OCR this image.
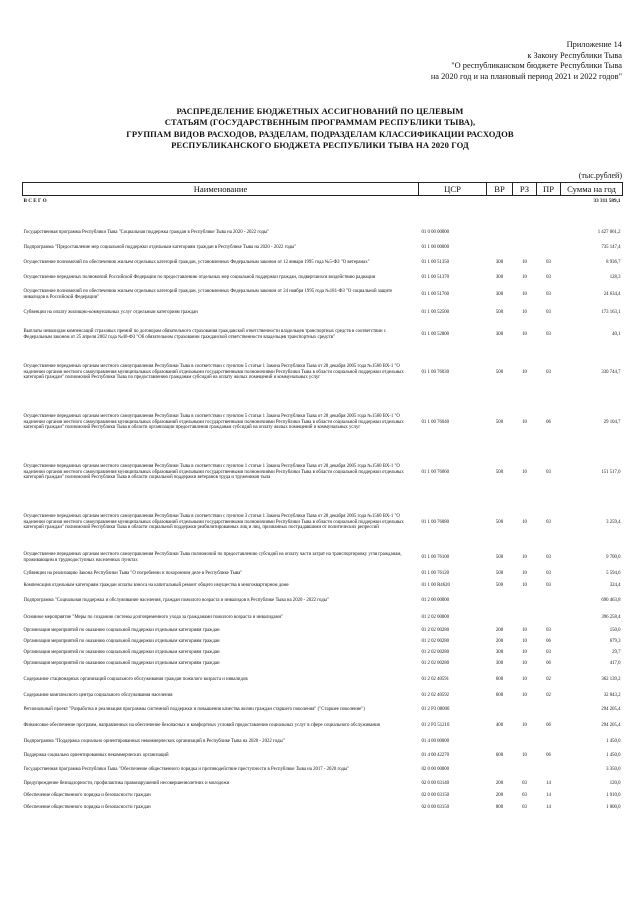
Приложение 14
к Закону Республики Тыва
"О республиканском бюджете Республики Тыва
на 2020 год и на плановый период 2021 и 2022 годов"
РАСПРЕДЕЛЕНИЕ БЮДЖЕТНЫХ АССИГНОВАНИЙ ПО ЦЕЛЕВЫМ
СТАТЬЯМ (ГОСУДАРСТВЕННЫМ ПРОГРАММАМ РЕСПУБЛИКИ ТЫВА),
ГРУППАМ ВИДОВ РАСХОДОВ, РАЗДЕЛАМ, ПОДРАЗДЕЛАМ КЛАССИФИКАЦИИ РАСХОДОВ
РЕСПУБЛИКАНСКОГО БЮДЖЕТА РЕСПУБЛИКИ ТЫВА НА 2020 ГОД
(тыс.рублей)
Наименование	ЦСР	ВР	РЗ	ПР	Сумма на год
В С Е Г О					33 311 589,1

Государственная программа Республики Тыва "Социальная поддержка граждан в Республике Тыва на 2020 - 2022 годы"	01 0 00 00000				1 427 061,2
Подпрограмма "Предоставление мер социальной поддержки отдельным категориям граждан в Республике Тыва на 2020 - 2022 годы"	01 1 00 00000				735 147,4
Осуществление полномочий по обеспечению жильем отдельных категорий граждан, установленных Федеральным законом от 12 января 1995 года №5-ФЗ "О ветеранах"	01 1 00 51350	300	10	03	8 936,7
Осуществление переданных полномочий Российской Федерации по предоставлению отдельных мер социальной поддержки граждан, подвергшихся воздействию радиации	01 1 00 51370	300	10	03	128,3
Осуществление полномочий по обеспечению жильем отдельных категорий граждан, установленных Федеральным законом от 24 ноября 1995 года №181-ФЗ "О социальной защите инвалидов в Российской Федерации"	01 1 00 51760	300	10	03	24 634,4
Субвенции на оплату жилищно-коммунальных услуг отдельным категориям граждан	01 1 00 52500	500	10	03	173 163,1
Выплаты инвалидам компенсаций страховых премий по договорам обязательного страхования гражданской ответственности владельцев транспортных средств в соответствии с Федеральным законом от 25 апреля 2002 года №40-ФЗ "Об обязательном страховании гражданской ответственности владельцев транспортных средств"	01 1 00 52800	300	10	03	40,1
Осуществление переданных органам местного самоуправления Республики Тыва в соответствии с пунктом 5 статьи 1 Закона Республики Тыва от 28 декабря 2005 года №1560 ВХ-1 "О наделении органов местного самоуправления муниципальных образований отдельными государственными полномочиями Республики Тыва в области социальной поддержки отдельных категорий граждан" полномочий Республики Тыва по предоставлению гражданам субсидий на оплату жилых помещений и коммунальных услуг	01 1 00 76030	500	10	03	330 744,7
Осуществление переданных органам местного самоуправления Республики Тыва в соответствии с пунктом 5 статьи 1 Закона Республики Тыва от 28 декабря 2005 года №1560 ВХ-1 "О наделении органов местного самоуправления муниципальных образований отдельными государственными полномочиями Республики Тыва в области социальной поддержки отдельных категорий граждан" полномочий Республики Тыва в области организации предоставления гражданам субсидий на оплату жилых помещений и коммунальных услуг	01 1 00 76040	500	10	06	29 104,7
Осуществление переданных органам местного самоуправления Республики Тыва в соответствии с пунктом 1 статьи 1 Закона Республики Тыва от 28 декабря 2005 года №1560 ВХ-1 "О наделении органов местного самоуправления муниципальных образований отдельными государственными полномочиями Республики Тыва в области социальной поддержки отдельных категорий граждан" полномочий Республики Тыва в области социальной поддержки ветеранов труда и тружеников тыла	01 1 00 76060	500	10	03	151 517,0
Осуществление переданных органам местного самоуправления Республики Тыва в соответствии с пунктом 3 статьи 1 Закона Республики Тыва от 28 декабря 2005 года №1560 ВХ-1 "О наделении органов местного самоуправления муниципальных образований отдельными государственными полномочиями Республики Тыва в области социальной поддержки отдельных категорий граждан" полномочий Республики Тыва в области социальной поддержки реабилитированных лиц и лиц, признанных пострадавшими от политических репрессий	01 1 00 76080	500	10	03	3 259,4
Осуществление переданных органам местного самоуправления Республики Тыва полномочий по предоставлению субсидий на оплату части затрат на транспортировку угля гражданам, проживающим в труднодоступных населенных пунктах	01 1 00 76100	500	10	03	9 700,0
Субвенции на реализацию Закона Республики Тыва "О погребении и похоронном деле в Республике Тыва"	01 1 00 76120	500	10	03	5 594,6
Компенсация отдельным категориям граждан оплаты взноса на капитальный ремонт общего имущества в многоквартирном доме	01 1 00 R4620	500	10	03	324,4
Подпрограмма "Социальная поддержка и обслуживание населения, граждан пожилого возраста и инвалидов в Республике Тыва на 2020 - 2022 годы"	01 2 00 00000				690 463,8
Основное мероприятие "Меры по созданию системы долговременного ухода за гражданами пожилого возраста и инвалидами"	01 2 02 00000				396 258,4
Организация мероприятий по оказанию социальной поддержки отдельным категориям граждан	01 2 02 00280	200	10	03	150,0
Организация мероприятий по оказанию социальной поддержки отдельным категориям граждан	01 2 02 00280	200	10	06	679,3
Организация мероприятий по оказанию социальной поддержки отдельным категориям граждан	01 2 02 00280	300	10	03	29,7
Организация мероприятий по оказанию социальной поддержки отдельным категориям граждан	01 2 02 00280	300	10	06	417,0
Содержание стационарных организаций социального обслуживания граждан пожилого возраста и инвалидов	01 2 02 40591	600	10	02	362 139,2
Содержание комплексного центра социального обслуживания населения	01 2 02 40592	600	10	02	32 843,2
Региональный проект "Разработка и реализация программы системной поддержки и повышения качества жизни граждан старшего поколения" ("Старшее поколение")	01 2 P3 00000				294 205,4
Финансовое обеспечение программ, направленных на обеспечение безопасных и комфортных условий предоставления социальных услуг в сфере социального обслуживания	01 2 P3 51210	400	10	06	294 205,4
Подпрограмма "Поддержка социально ориентированных некоммерческих организаций в Республике Тыва на 2020 - 2022 годы"	01 4 00 00000				1 450,0
Поддержка социально ориентированных некоммерческих организаций	01 4 00 42270	600	10	06	1 450,0
Государственная программа Республики Тыва "Обеспечение общественного порядка и противодействие преступности в Республике Тыва на 2017 - 2020 годы"	02 0 00 00000				3 350,0
Предупреждение безнадзорности, профилактика правонарушений несовершеннолетних и молодежи	02 0 00 03140	200	03	14	120,0
Обеспечение общественного порядка и безопасности граждан	02 0 00 03150	200	03	14	1 910,0
Обеспечение общественного порядка и безопасности граждан	02 0 00 03150	800	03	14	1 000,0
